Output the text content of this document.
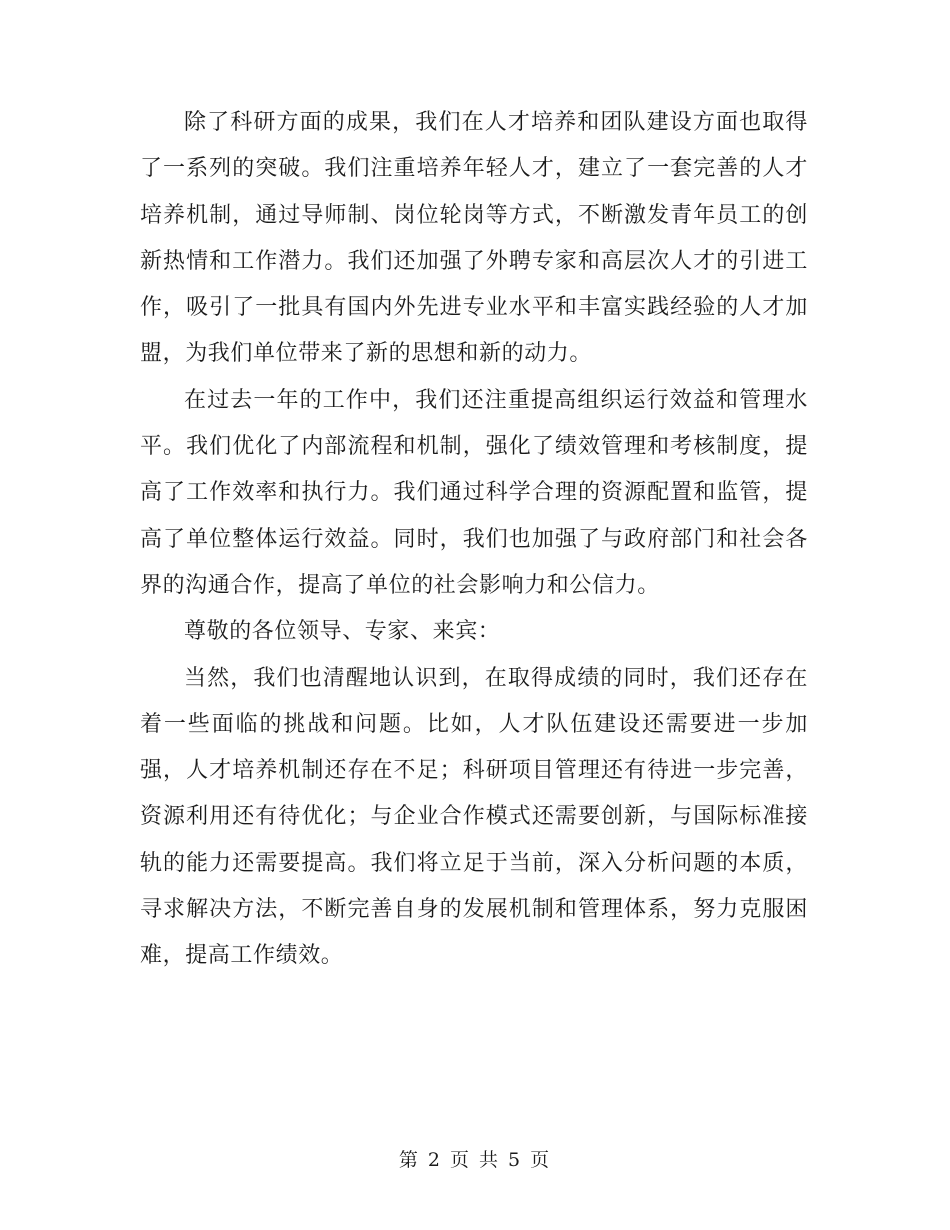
除了科研方面的成果，我们在人才培养和团队建设方面也取得了一系列的突破。我们注重培养年轻人才，建立了一套完善的人才培养机制，通过导师制、岗位轮岗等方式，不断激发青年员工的创新热情和工作潜力。我们还加强了外聘专家和高层次人才的引进工作，吸引了一批具有国内外先进专业水平和丰富实践经验的人才加盟，为我们单位带来了新的思想和新的动力。

在过去一年的工作中，我们还注重提高组织运行效益和管理水平。我们优化了内部流程和机制，强化了绩效管理和考核制度，提高了工作效率和执行力。我们通过科学合理的资源配置和监管，提高了单位整体运行效益。同时，我们也加强了与政府部门和社会各界的沟通合作，提高了单位的社会影响力和公信力。

尊敬的各位领导、专家、来宾：

当然，我们也清醒地认识到，在取得成绩的同时，我们还存在着一些面临的挑战和问题。比如，人才队伍建设还需要进一步加强，人才培养机制还存在不足；科研项目管理还有待进一步完善，资源利用还有待优化；与企业合作模式还需要创新，与国际标准接轨的能力还需要提高。我们将立足于当前，深入分析问题的本质，寻求解决方法，不断完善自身的发展机制和管理体系，努力克服困难，提高工作绩效。

第 2 页 共 5 页
